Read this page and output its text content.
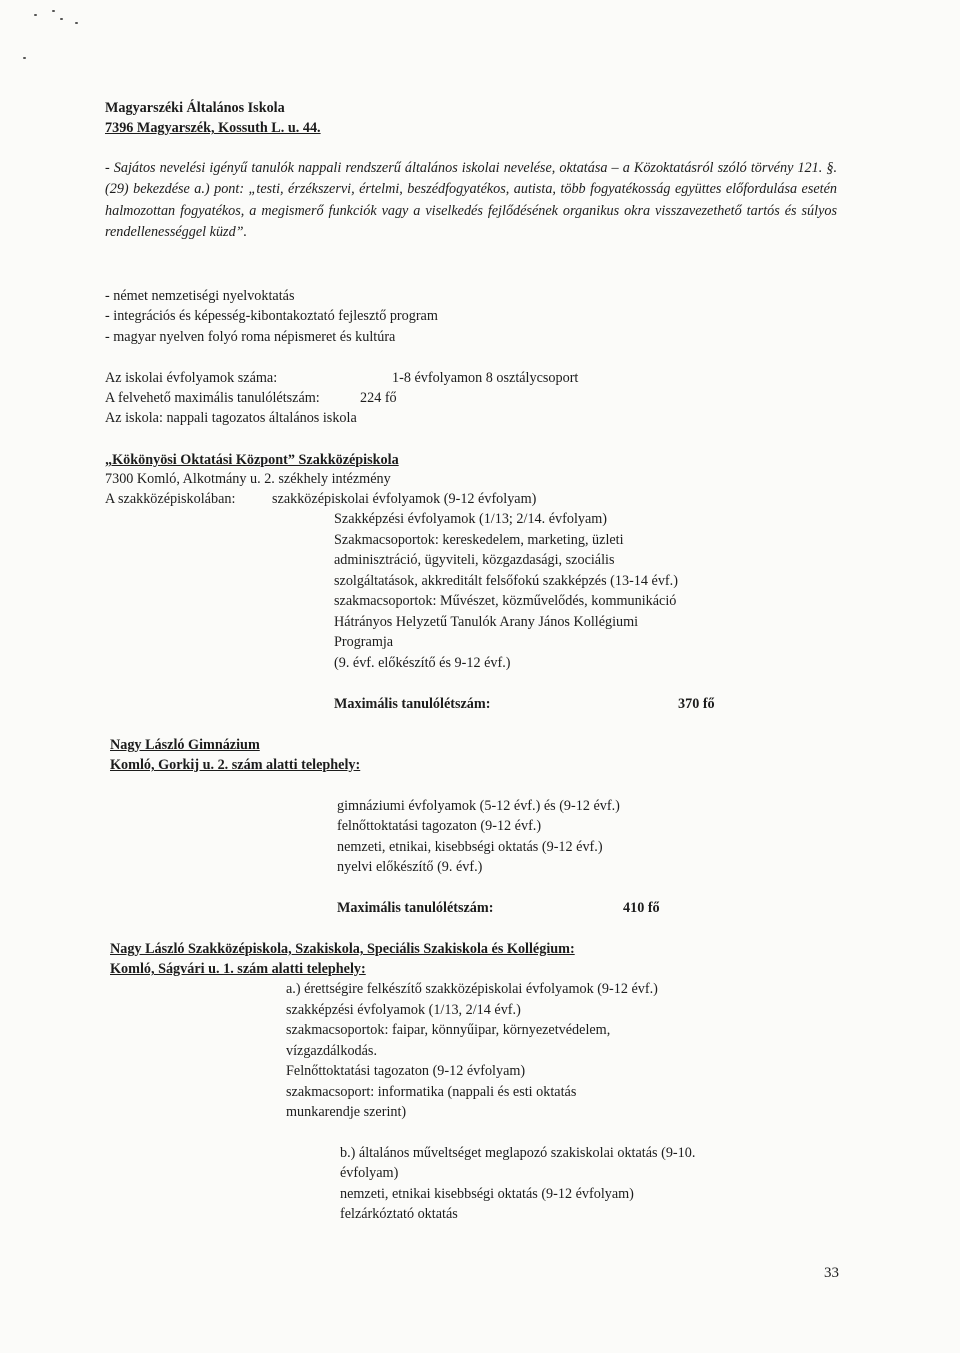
Magyarszéki Általános Iskola
7396 Magyarszék, Kossuth L. u. 44.
- Sajátos nevelési igényű tanulók nappali rendszerű általános iskolai nevelése, oktatása – a Közoktatásról szóló törvény 121. §. (29) bekezdése a.) pont: „testi, érzékszervi, értelmi, beszédfogyatékos, autista, több fogyatékosság együttes előfordulása esetén halmozottan fogyatékos, a megismerő funkciók vagy a viselkedés fejlődésének organikus okra visszavezethető tartós és súlyos rendellenességgel küzd”.
- német nemzetiségi nyelvoktatás
- integrációs és képesség-kibontakoztató fejlesztő program
- magyar nyelven folyó roma népismeret és kultúra
Az iskolai évfolyamok száma:	1-8 évfolyamon 8 osztálycsoport
A felvehető maximális tanulólétszám:	224 fő
Az iskola: nappali tagozatos általános iskola
„Kökönyösi Oktatási Központ” Szakközépiskola
7300 Komló, Alkotmány u. 2. székhely intézmény
A szakközépiskolában:	szakközépiskolai évfolyamok (9-12 évfolyam)
Szakképzési évfolyamok (1/13; 2/14. évfolyam)
Szakmacsoportok: kereskedelem, marketing, üzleti
adminisztráció, ügyviteli, közgazdasági, szociális
szolgáltatások, akkreditált felsőfokú szakképzés (13-14 évf.)
szakmacsoportok: Művészet, közművelődés, kommunikáció
Hátrányos Helyzetű Tanulók Arany János Kollégiumi
Programja
(9. évf. előkészítő és 9-12 évf.)
Maximális tanulólétszám:	370 fő
Nagy László Gimnázium
Komló, Gorkij u. 2. szám alatti telephely:
gimnáziumi évfolyamok (5-12 évf.) és (9-12 évf.)
felnőttoktatási tagozaton (9-12 évf.)
nemzeti, etnikai, kisebbségi oktatás (9-12 évf.)
nyelvi előkészítő (9. évf.)
Maximális tanulólétszám:	410 fő
Nagy László Szakközépiskola, Szakiskola, Speciális Szakiskola és Kollégium:
Komló, Ságvári u. 1. szám alatti telephely:
a.) érettségire felkészítő szakközépiskolai évfolyamok (9-12 évf.)
szakképzési évfolyamok (1/13, 2/14 évf.)
szakmacsoportok: faipar, könnyűipar, környezetvédelem,
vízgazdálkodás.
Felnőttoktatási tagozaton (9-12 évfolyam)
szakmacsoport: informatika (nappali és esti oktatás
munkarendje szerint)
b.) általános műveltséget meglapozó szakiskolai oktatás (9-10.
évfolyam)
nemzeti, etnikai kisebbségi oktatás (9-12 évfolyam)
felzárkóztató oktatás
33
